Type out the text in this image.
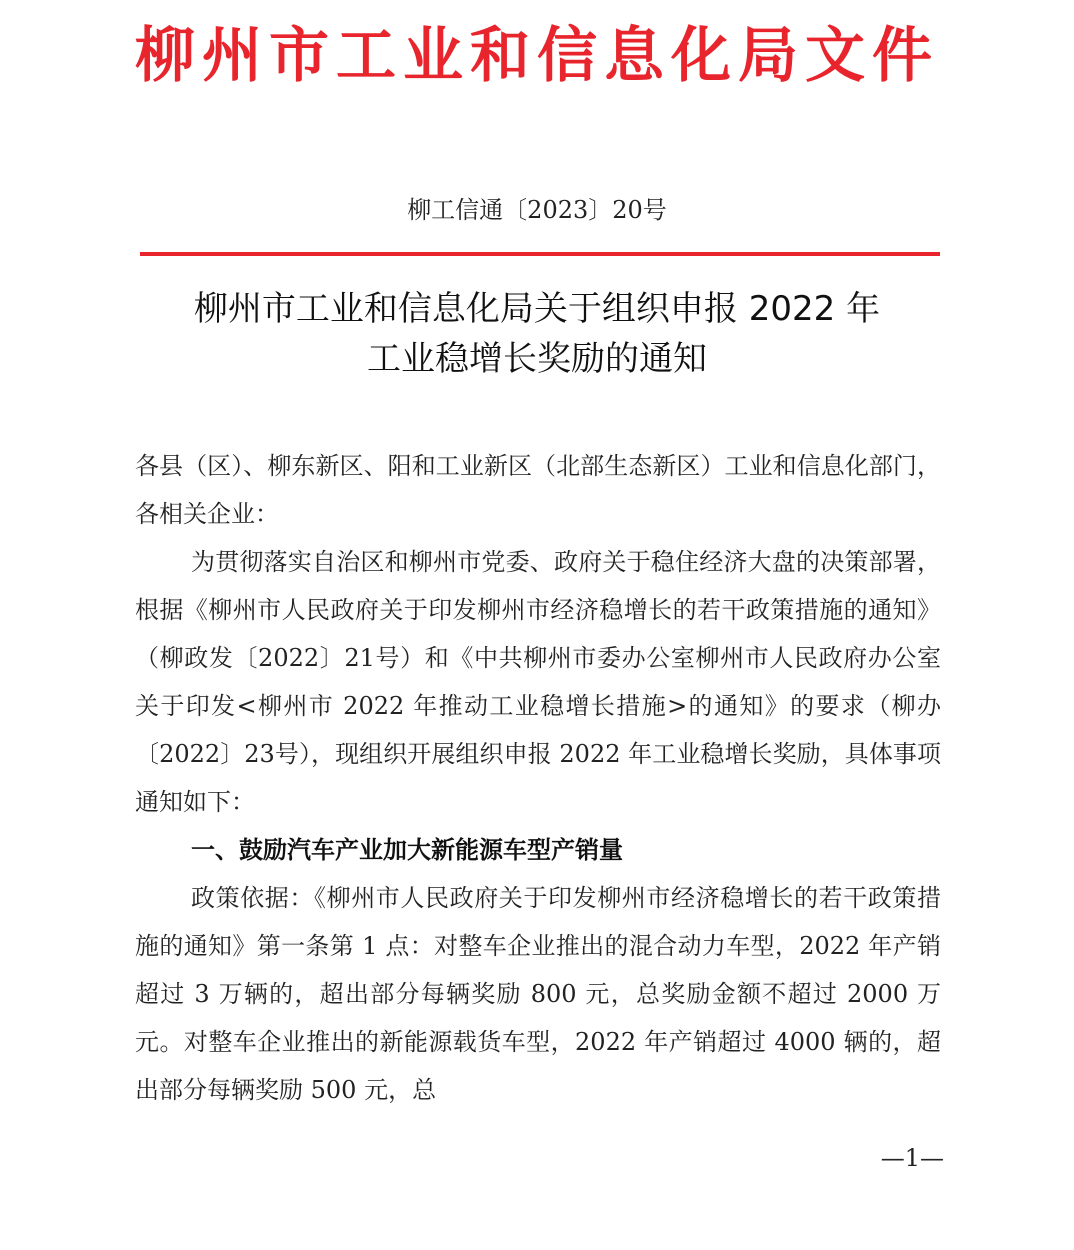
柳州市工业和信息化局文件
柳工信通〔2023〕20号
柳州市工业和信息化局关于组织申报 2022 年
工业稳增长奖励的通知

各县（区）、柳东新区、阳和工业新区（北部生态新区）工业和信息化部门，各相关企业：

为贯彻落实自治区和柳州市党委、政府关于稳住经济大盘的决策部署，根据《柳州市人民政府关于印发柳州市经济稳增长的若干政策措施的通知》（柳政发〔2022〕21号）和《中共柳州市委办公室柳州市人民政府办公室关于印发<柳州市 2022 年推动工业稳增长措施>的通知》的要求（柳办〔2022〕23号），现组织开展组织申报 2022 年工业稳增长奖励，具体事项通知如下：

一、鼓励汽车产业加大新能源车型产销量

政策依据：《柳州市人民政府关于印发柳州市经济稳增长的若干政策措施的通知》第一条第 1 点：对整车企业推出的混合动力车型，2022 年产销超过 3 万辆的，超出部分每辆奖励 800 元，总奖励金额不超过 2000 万元。对整车企业推出的新能源载货车型，2022 年产销超过 4000 辆的，超出部分每辆奖励 500 元，总

—1—
